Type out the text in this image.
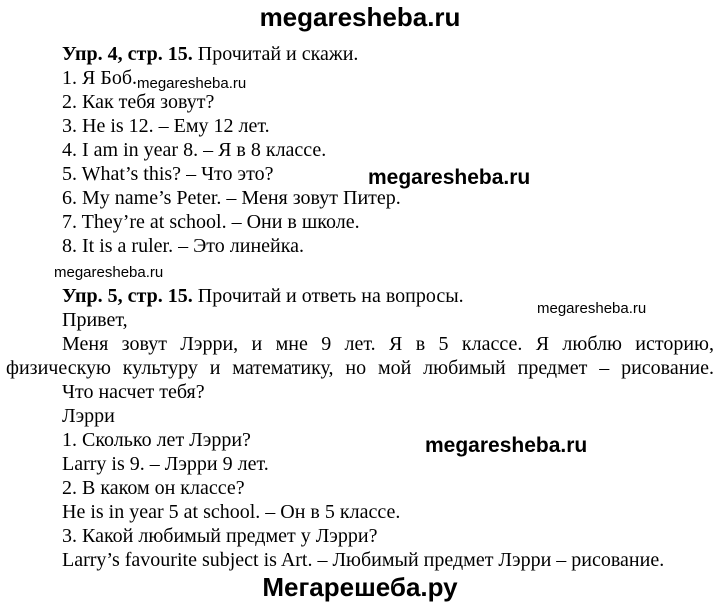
megaresheba.ru
megaresheba.ru
megaresheba.ru
megaresheba.ru
megaresheba.ru
megaresheba.ru
Мегарешеба.ру
Упр. 4, стр. 15. Прочитай и скажи.
1. Я Боб.
2. Как тебя зовут?
3. He is 12. – Ему 12 лет.
4. I am in year 8. – Я в 8 классе.
5. What’s this? – Что это?
6. My name’s Peter. – Меня зовут Питер.
7. They’re at school. – Они в школе.
8. It is a ruler. – Это линейка.
Упр. 5, стр. 15. Прочитай и ответь на вопросы.
Привет,
Меня зовут Лэрри, и мне 9 лет. Я в 5 классе. Я люблю историю,
физическую культуру и математику, но мой любимый предмет – рисование.
Что насчет тебя?
Лэрри
1. Сколько лет Лэрри?
Larry is 9. – Лэрри 9 лет.
2. В каком он классе?
He is in year 5 at school. – Он в 5 классе.
3. Какой любимый предмет у Лэрри?
Larry’s favourite subject is Art. – Любимый предмет Лэрри – рисование.
